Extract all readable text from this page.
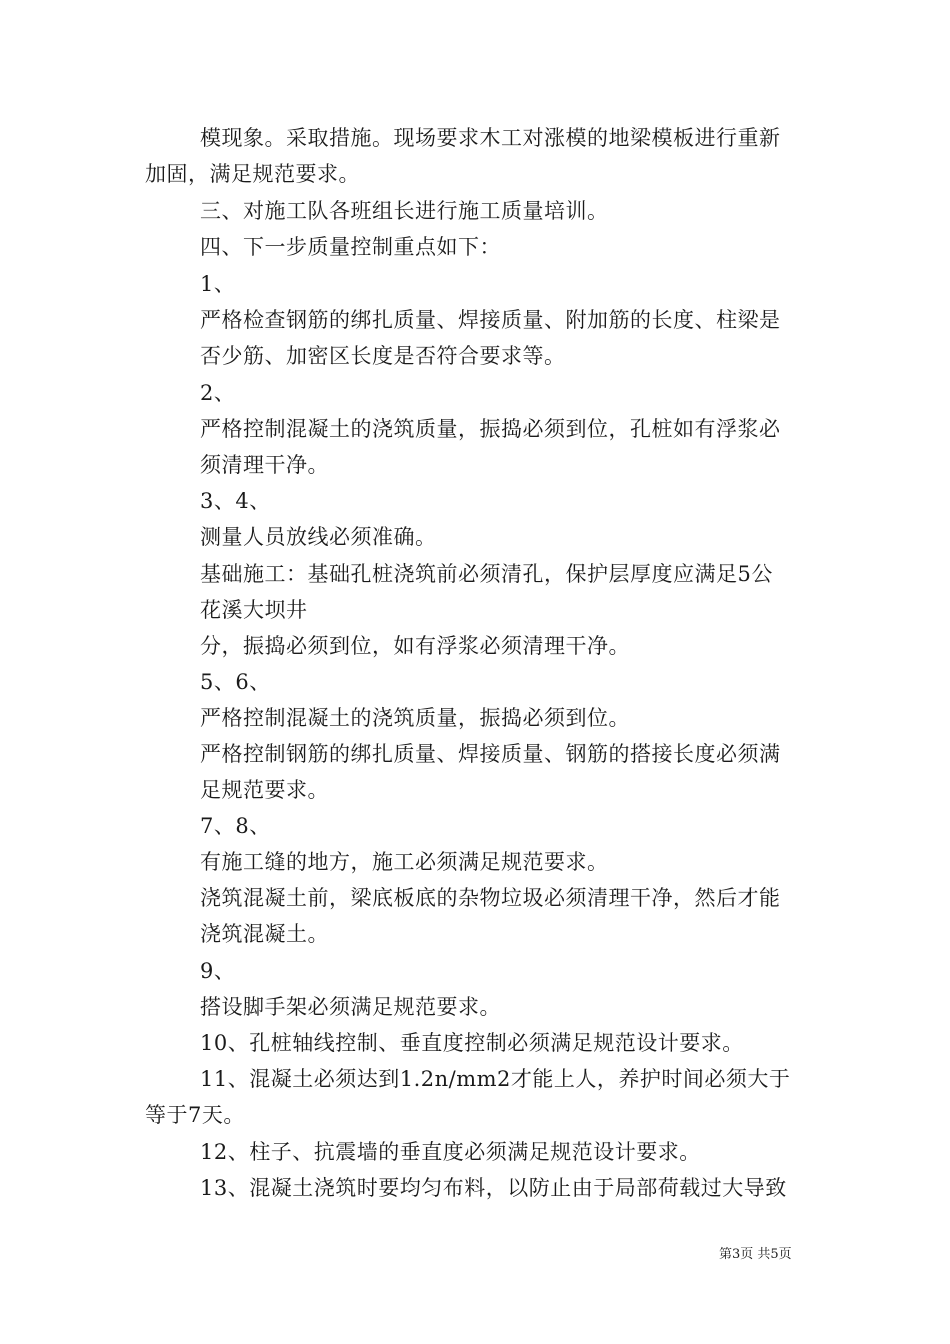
模现象。采取措施。现场要求木工对涨模的地梁模板进行重新
加固，满足规范要求。
三、对施工队各班组长进行施工质量培训。
四、下一步质量控制重点如下：
1、
严格检查钢筋的绑扎质量、焊接质量、附加筋的长度、柱梁是
否少筋、加密区长度是否符合要求等。
2、
严格控制混凝土的浇筑质量，振捣必须到位，孔桩如有浮浆必
须清理干净。
3、4、
测量人员放线必须准确。
基础施工：基础孔桩浇筑前必须清孔，保护层厚度应满足5公
花溪大坝井
分，振捣必须到位，如有浮浆必须清理干净。
5、6、
严格控制混凝土的浇筑质量，振捣必须到位。
严格控制钢筋的绑扎质量、焊接质量、钢筋的搭接长度必须满
足规范要求。
7、8、
有施工缝的地方，施工必须满足规范要求。
浇筑混凝土前，梁底板底的杂物垃圾必须清理干净，然后才能
浇筑混凝土。
9、
搭设脚手架必须满足规范要求。
10、孔桩轴线控制、垂直度控制必须满足规范设计要求。
11、混凝土必须达到1.2n/mm2才能上人，养护时间必须大于
等于7天。
12、柱子、抗震墙的垂直度必须满足规范设计要求。
13、混凝土浇筑时要均匀布料，以防止由于局部荷载过大导致
第3页 共5页
